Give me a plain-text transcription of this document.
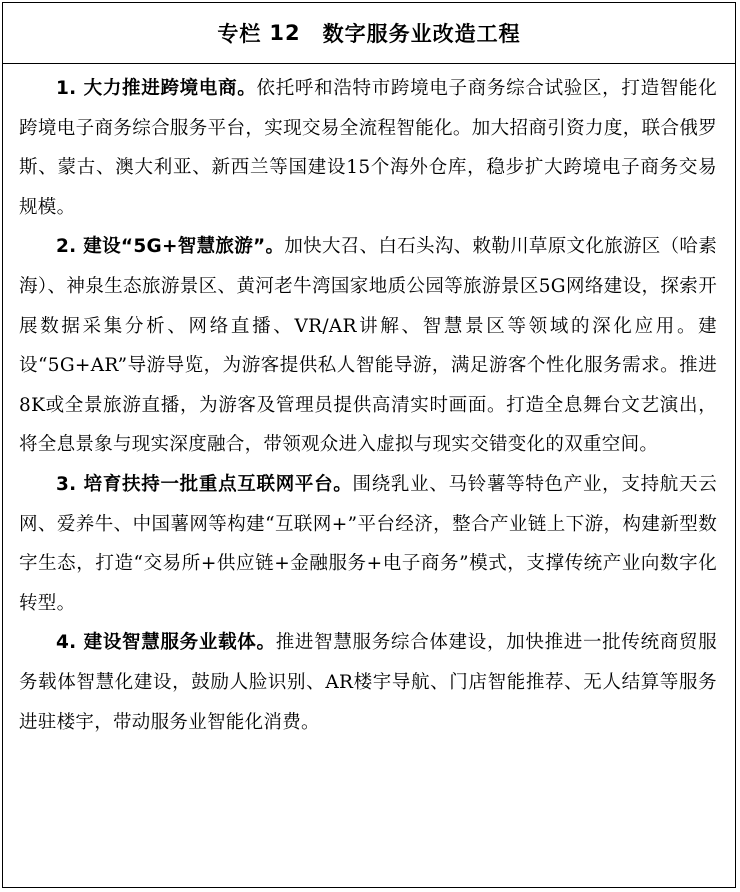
专栏 12 数字服务业改造工程

1. 大力推进跨境电商。依托呼和浩特市跨境电子商务综合试验区，打造智能化跨境电子商务综合服务平台，实现交易全流程智能化。加大招商引资力度，联合俄罗斯、蒙古、澳大利亚、新西兰等国建设15个海外仓库，稳步扩大跨境电子商务交易规模。

2. 建设“5G+智慧旅游”。加快大召、白石头沟、敕勒川草原文化旅游区（哈素海）、神泉生态旅游景区、黄河老牛湾国家地质公园等旅游景区5G网络建设，探索开展数据采集分析、网络直播、VR/AR讲解、智慧景区等领域的深化应用。建设“5G+AR”导游导览，为游客提供私人智能导游，满足游客个性化服务需求。推进8K或全景旅游直播，为游客及管理员提供高清实时画面。打造全息舞台文艺演出，将全息景象与现实深度融合，带领观众进入虚拟与现实交错变化的双重空间。

3. 培育扶持一批重点互联网平台。围绕乳业、马铃薯等特色产业，支持航天云网、爱养牛、中国薯网等构建“互联网+”平台经济，整合产业链上下游，构建新型数字生态，打造“交易所+供应链+金融服务+电子商务”模式，支撑传统产业向数字化转型。

4. 建设智慧服务业载体。推进智慧服务综合体建设，加快推进一批传统商贸服务载体智慧化建设，鼓励人脸识别、AR楼宇导航、门店智能推荐、无人结算等服务进驻楼宇，带动服务业智能化消费。
